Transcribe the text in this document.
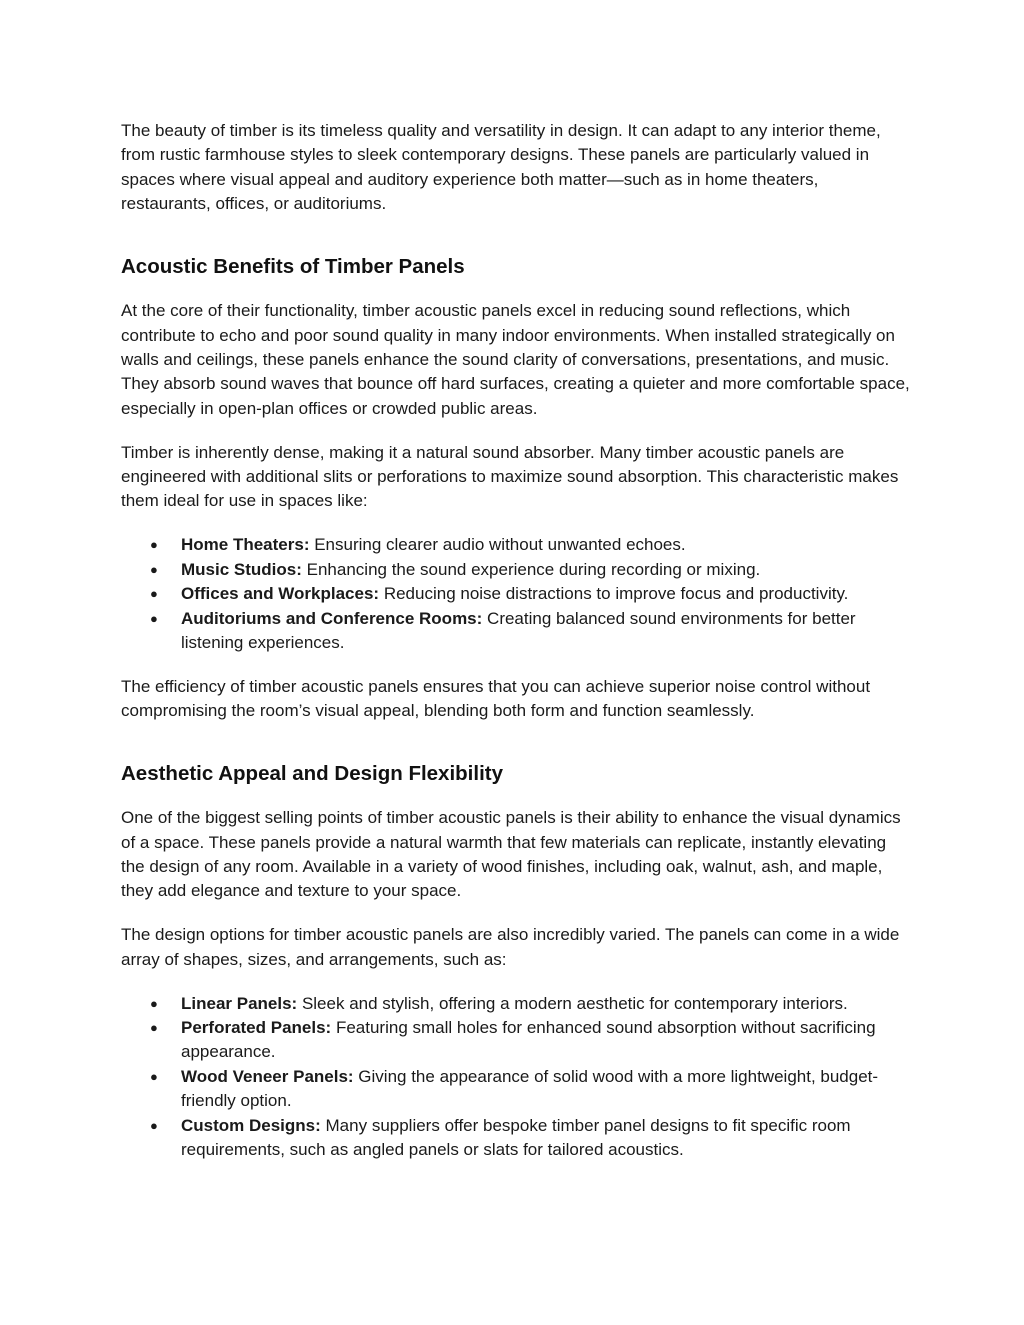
The beauty of timber is its timeless quality and versatility in design. It can adapt to any interior theme, from rustic farmhouse styles to sleek contemporary designs. These panels are particularly valued in spaces where visual appeal and auditory experience both matter—such as in home theaters, restaurants, offices, or auditoriums.

Acoustic Benefits of Timber Panels

At the core of their functionality, timber acoustic panels excel in reducing sound reflections, which contribute to echo and poor sound quality in many indoor environments. When installed strategically on walls and ceilings, these panels enhance the sound clarity of conversations, presentations, and music. They absorb sound waves that bounce off hard surfaces, creating a quieter and more comfortable space, especially in open-plan offices or crowded public areas.

Timber is inherently dense, making it a natural sound absorber. Many timber acoustic panels are engineered with additional slits or perforations to maximize sound absorption. This characteristic makes them ideal for use in spaces like:

●	Home Theaters: Ensuring clearer audio without unwanted echoes.
●	Music Studios: Enhancing the sound experience during recording or mixing.
●	Offices and Workplaces: Reducing noise distractions to improve focus and productivity.
●	Auditoriums and Conference Rooms: Creating balanced sound environments for better listening experiences.

The efficiency of timber acoustic panels ensures that you can achieve superior noise control without compromising the room’s visual appeal, blending both form and function seamlessly.

Aesthetic Appeal and Design Flexibility

One of the biggest selling points of timber acoustic panels is their ability to enhance the visual dynamics of a space. These panels provide a natural warmth that few materials can replicate, instantly elevating the design of any room. Available in a variety of wood finishes, including oak, walnut, ash, and maple, they add elegance and texture to your space.

The design options for timber acoustic panels are also incredibly varied. The panels can come in a wide array of shapes, sizes, and arrangements, such as:

●	Linear Panels: Sleek and stylish, offering a modern aesthetic for contemporary interiors.
●	Perforated Panels: Featuring small holes for enhanced sound absorption without sacrificing appearance.
●	Wood Veneer Panels: Giving the appearance of solid wood with a more lightweight, budget-friendly option.
●	Custom Designs: Many suppliers offer bespoke timber panel designs to fit specific room requirements, such as angled panels or slats for tailored acoustics.
